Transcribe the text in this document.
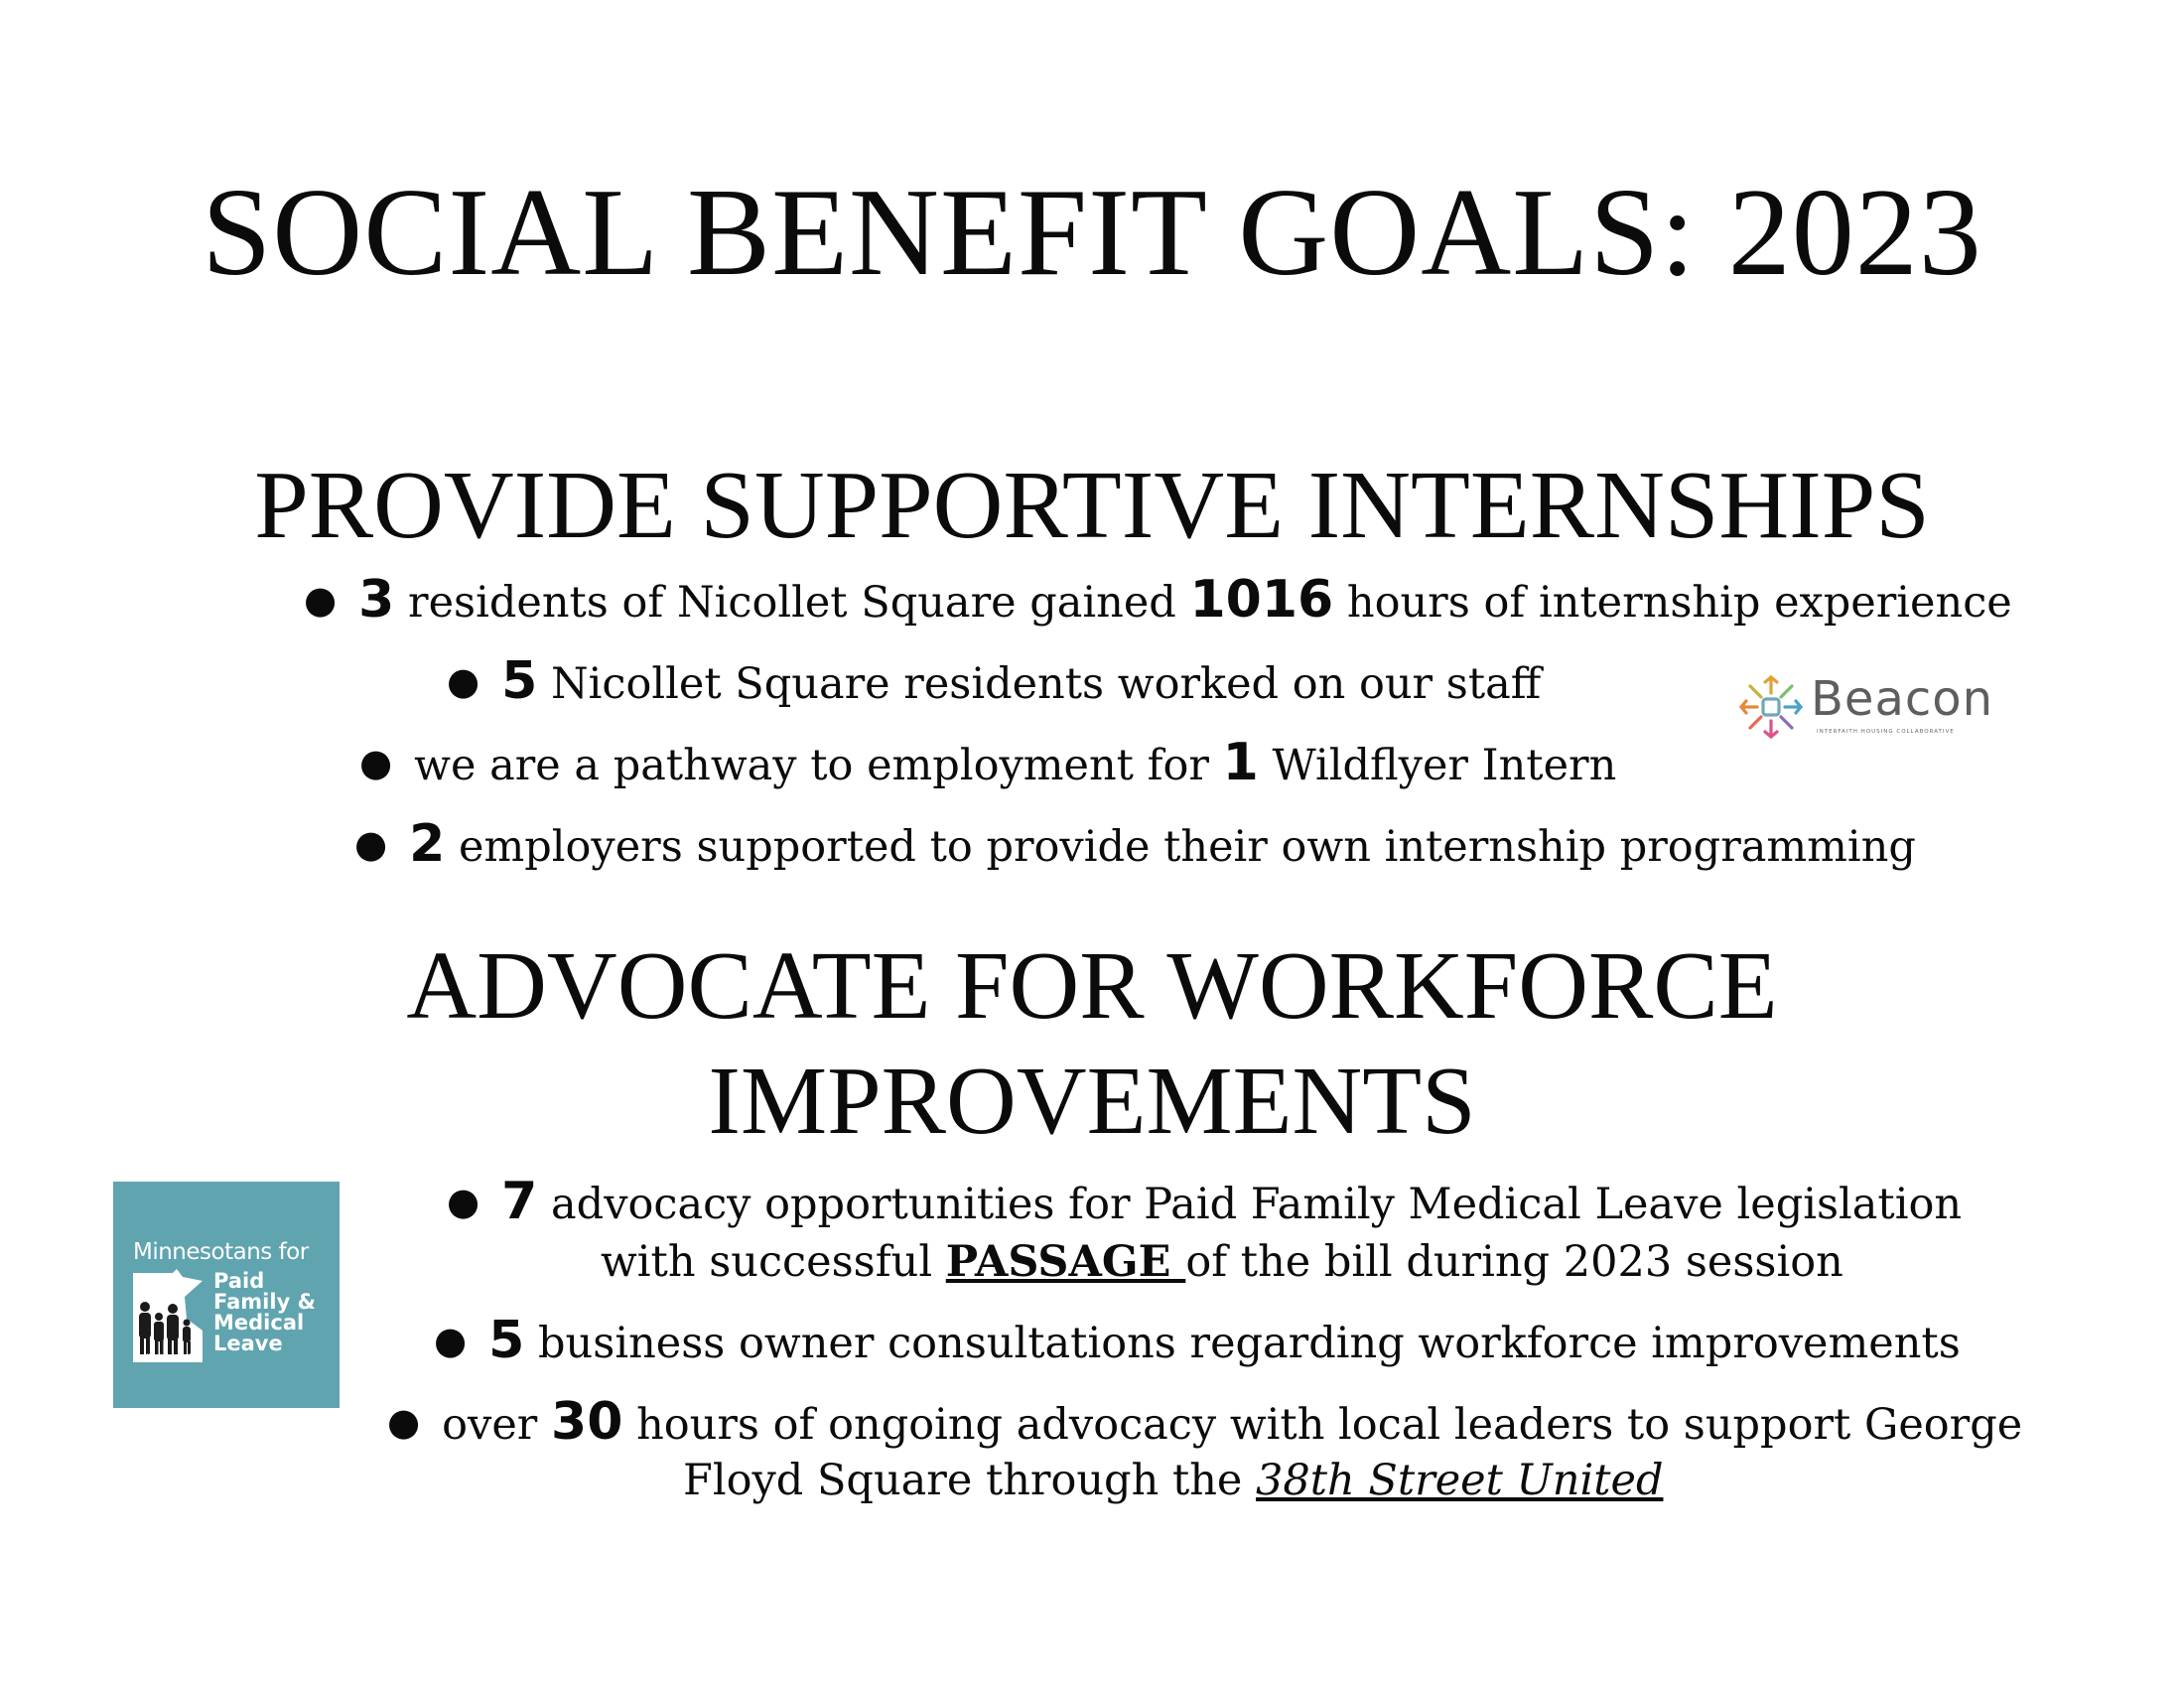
SOCIAL BENEFIT GOALS: 2023
PROVIDE SUPPORTIVE INTERNSHIPS
● 3 residents of Nicollet Square gained 1016 hours of internship experience
● 5 Nicollet Square residents worked on our staff
● we are a pathway to employment for 1 Wildflyer Intern
● 2 employers supported to provide their own internship programming
Beacon
INTERFAITH HOUSING COLLABORATIVE
ADVOCATE FOR WORKFORCE
IMPROVEMENTS
Minnesotans for
Paid
Family &
Medical
Leave
#PaidLeaveMN
● 7 advocacy opportunities for Paid Family Medical Leave legislation
with successful PASSAGE of the bill during 2023 session
● 5 business owner consultations regarding workforce improvements
● over 30 hours of ongoing advocacy with local leaders to support George
Floyd Square through the 38th Street United
